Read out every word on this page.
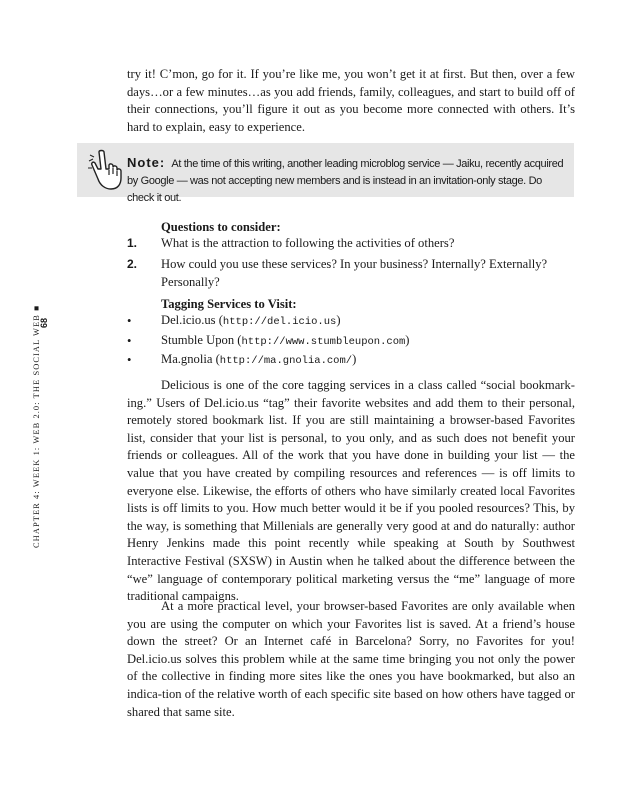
68
CHAPTER 4: WEEK 1: WEB 2.0: THE SOCIAL WEB ■

try it! C’mon, go for it. If you’re like me, you won’t get it at first. But then, over a few days…or a few minutes…as you add friends, family, colleagues, and start to build off of their connections, you’ll figure it out as you become more connected with others. It’s hard to explain, easy to experience.

Note: At the time of this writing, another leading microblog service — Jaiku, recently acquired by Google — was not accepting new members and is instead in an invitation-only stage. Do check it out.
Questions to consider:
1. What is the attraction to following the activities of others?
2. How could you use these services? In your business? Internally? Externally? Personally?
Tagging Services to Visit:
• Del.icio.us (http://del.icio.us)
• Stumble Upon (http://www.stumbleupon.com)
• Ma.gnolia (http://ma.gnolia.com/)

Delicious is one of the core tagging services in a class called “social bookmark-ing.” Users of Del.icio.us “tag” their favorite websites and add them to their personal, remotely stored bookmark list. If you are still maintaining a browser-based Favorites list, consider that your list is personal, to you only, and as such does not benefit your friends or colleagues. All of the work that you have done in building your list — the value that you have created by compiling resources and references — is off limits to everyone else. Likewise, the efforts of others who have similarly created local Favorites lists is off limits to you. How much better would it be if you pooled resources? This, by the way, is something that Millenials are generally very good at and do naturally: author Henry Jenkins made this point recently while speaking at South by Southwest Interactive Festival (SXSW) in Austin when he talked about the difference between the “we” language of contemporary political marketing versus the “me” language of more traditional campaigns.

At a more practical level, your browser-based Favorites are only available when you are using the computer on which your Favorites list is saved. At a friend’s house down the street? Or an Internet café in Barcelona? Sorry, no Favorites for you! Del.icio.us solves this problem while at the same time bringing you not only the power of the collective in finding more sites like the ones you have bookmarked, but also an indica-tion of the relative worth of each specific site based on how others have tagged or shared that same site.
